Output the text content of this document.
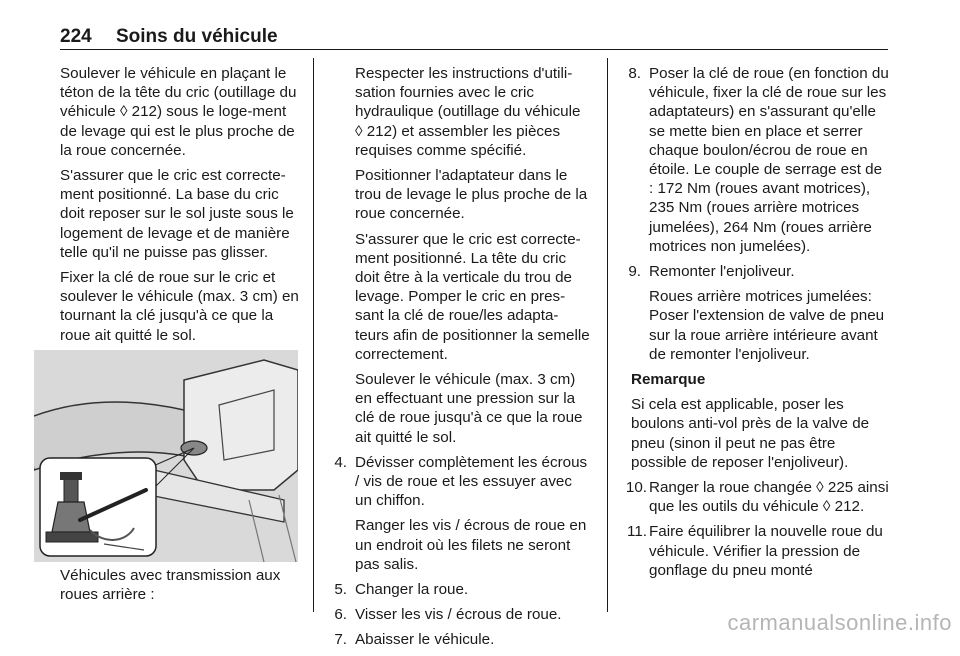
224 Soins du véhicule

Soulever le véhicule en plaçant le téton de la tête du cric (outillage du véhicule ◊ 212) sous le loge-ment de levage qui est le plus proche de la roue concernée.

S'assurer que le cric est correcte-ment positionné. La base du cric doit reposer sur le sol juste sous le logement de levage et de manière telle qu'il ne puisse pas glisser.

Fixer la clé de roue sur le cric et soulever le véhicule (max. 3 cm) en tournant la clé jusqu'à ce que la roue ait quitté le sol.

Véhicules avec transmission aux roues arrière :

Respecter les instructions d'utili-sation fournies avec le cric hydraulique (outillage du véhicule ◊ 212) et assembler les pièces requises comme spécifié.
Positionner l'adaptateur dans le trou de levage le plus proche de la roue concernée.
S'assurer que le cric est correcte-ment positionné. La tête du cric doit être à la verticale du trou de levage. Pomper le cric en pres-sant la clé de roue/les adapta-teurs afin de positionner la semelle correctement.
Soulever le véhicule (max. 3 cm) en effectuant une pression sur la clé de roue jusqu'à ce que la roue ait quitté le sol.
4. Dévisser complètement les écrous / vis de roue et les essuyer avec un chiffon.

Ranger les vis / écrous de roue en un endroit où les filets ne seront pas salis.

5. Changer la roue.

6. Visser les vis / écrous de roue.

7. Abaisser le véhicule.

8. Poser la clé de roue (en fonction du véhicule, fixer la clé de roue sur les adaptateurs) en s'assurant qu'elle se mette bien en place et serrer chaque boulon/écrou de roue en étoile. Le couple de serrage est de : 172 Nm (roues avant motrices), 235 Nm (roues arrière motrices jumelées), 264 Nm (roues arrière motrices non jumelées).

9. Remonter l'enjoliveur.

Roues arrière motrices jumelées: Poser l'extension de valve de pneu sur la roue arrière intérieure avant de remonter l'enjoliveur.

Remarque

Si cela est applicable, poser les boulons anti-vol près de la valve de pneu (sinon il peut ne pas être possible de reposer l'enjoliveur).

10. Ranger la roue changée ◊ 225 ainsi que les outils du véhicule ◊ 212.

11. Faire équilibrer la nouvelle roue du véhicule. Vérifier la pression de gonflage du pneu monté

carmanualsonline.info
